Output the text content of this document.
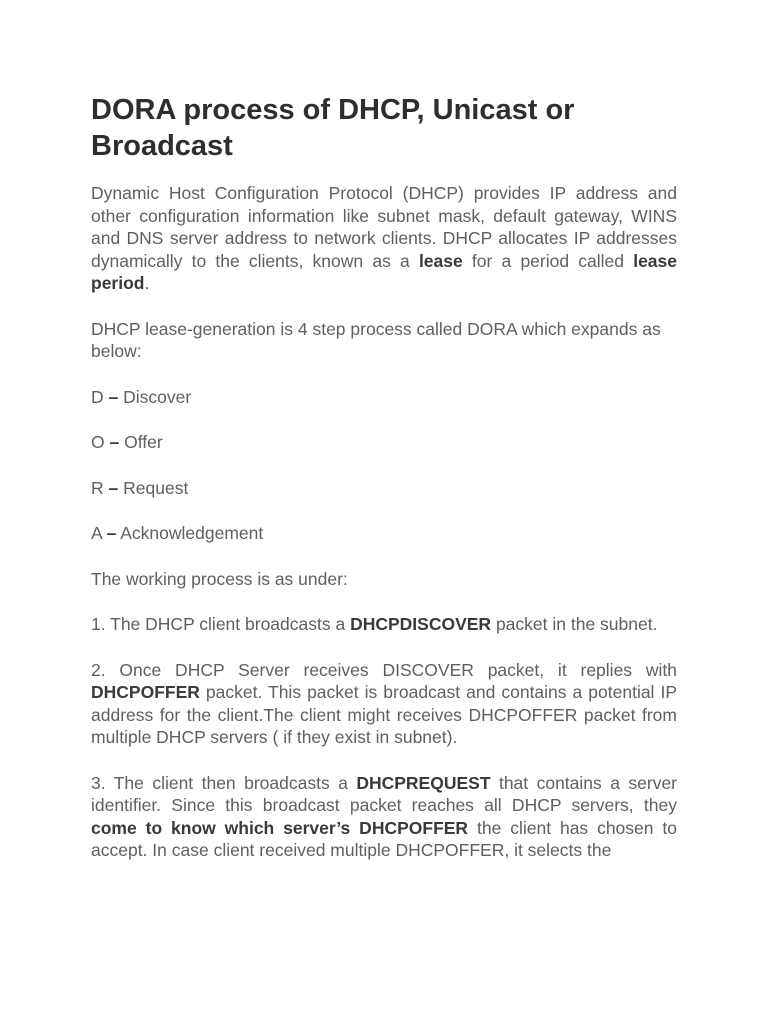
DORA process of DHCP, Unicast or Broadcast

Dynamic Host Configuration Protocol (DHCP) provides IP address and other configuration information like subnet mask, default gateway, WINS and DNS server address to network clients. DHCP allocates IP addresses dynamically to the clients, known as a lease for a period called lease period.

DHCP lease-generation is 4 step process called DORA which expands as below:

D – Discover

O – Offer

R – Request

A – Acknowledgement

The working process is as under:

1. The DHCP client broadcasts a DHCPDISCOVER packet in the subnet.

2. Once DHCP Server receives DISCOVER packet, it replies with DHCPOFFER packet. This packet is broadcast and contains a potential IP address for the client.The client might receives DHCPOFFER packet from multiple DHCP servers ( if they exist in subnet).

3. The client then broadcasts a DHCPREQUEST that contains a server identifier. Since this broadcast packet reaches all DHCP servers, they come to know which server’s DHCPOFFER the client has chosen to accept. In case client received multiple DHCPOFFER, it selects the
